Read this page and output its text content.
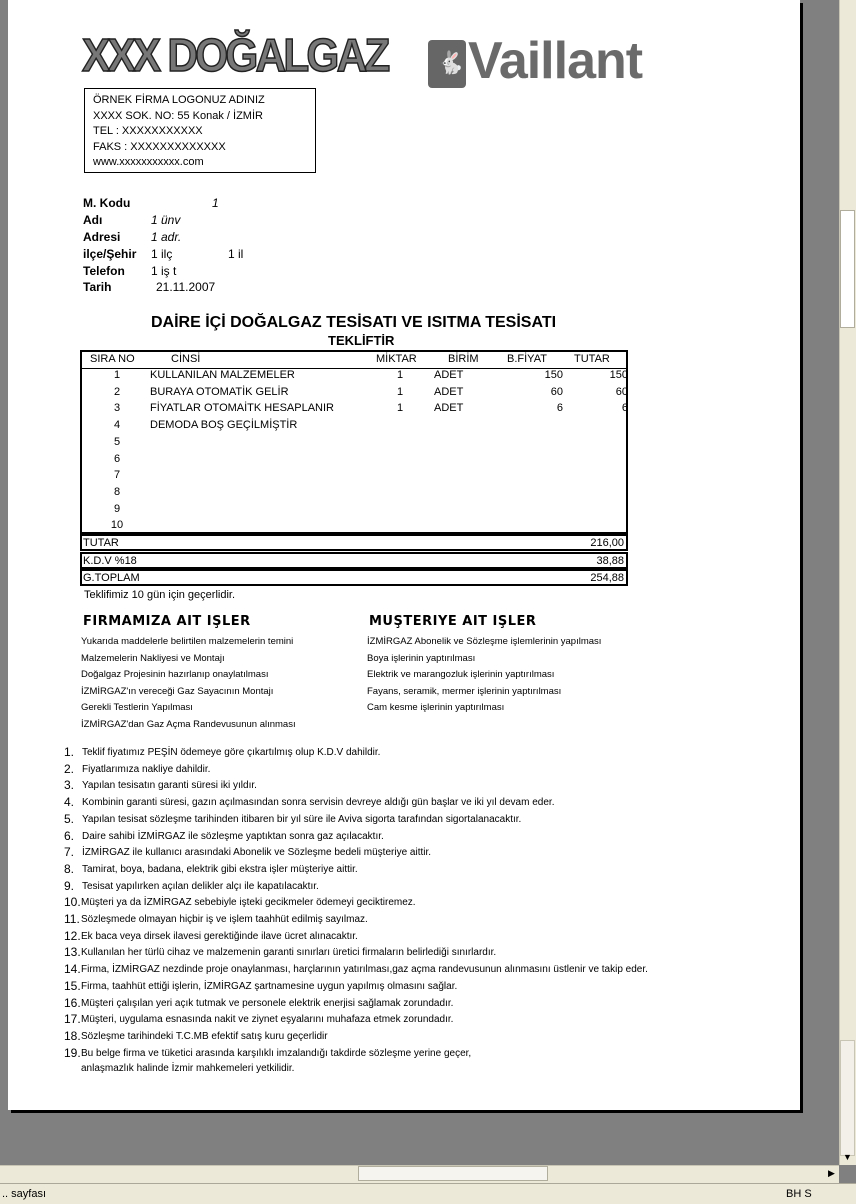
XXX DOĞALGAZ 🐇 Vaillant
ÖRNEK FİRMA LOGONUZ ADINIZ
XXXX SOK. NO: 55 Konak / İZMİR
TEL : XXXXXXXXXXX
FAKS : XXXXXXXXXXXXX
www.xxxxxxxxxxx.com
M. Kodu	1
Adı	1 ünv
Adresi	1 adr.
ilçe/Şehir 1 ilç	1 il
Telefon 1 iş t
Tarih	21.11.2007
DAİRE İÇİ DOĞALGAZ TESİSATI VE ISITMA TESİSATI
TEKLİFTİR
SIRA NO	CİNSİ	MİKTAR	BİRİM	B.FİYAT TUTAR
1	KULLANILAN MALZEMELER	1	ADET	150	150
2	BURAYA OTOMATİK GELİR	1	ADET	60	60
3	FİYATLAR OTOMAİTK HESAPLANIR	1	ADET	6	6
4	DEMODA BOŞ GEÇİLMİŞTİR
5
6
7
8
9
10
TUTAR	216,00
K.D.V %18	38,88
G.TOPLAM	254,88
Teklifimiz 10 gün için geçerlidir.
FIRMAMIZA AIT IŞLER	MUŞTERIYE AIT IŞLER
Yukarıda maddelerle belirtilen malzemelerin temini
Malzemelerin Nakliyesi ve Montajı
Doğalgaz Projesinin hazırlanıp onaylatılması
İZMİRGAZ'ın vereceği Gaz Sayacının Montajı
Gerekli Testlerin Yapılması
İZMİRGAZ'dan Gaz Açma Randevusunun alınması
İZMİRGAZ Abonelik ve Sözleşme işlemlerinin yapılması
Boya işlerinin yaptırılması
Elektrik ve marangozluk işlerinin yaptırılması
Fayans, seramik, mermer işlerinin yaptırılması
Cam kesme işlerinin yaptırılması
1. Teklif fiyatımız PEŞİN ödemeye göre çıkartılmış olup K.D.V dahildir.
2. Fiyatlarımıza nakliye dahildir.
3. Yapılan tesisatın garanti süresi iki yıldır.
4. Kombinin garanti süresi, gazın açılmasından sonra servisin devreye aldığı gün başlar ve iki yıl devam eder.
5. Yapılan tesisat sözleşme tarihinden itibaren bir yıl süre ile Aviva sigorta tarafından sigortalanacaktır.
6. Daire sahibi İZMİRGAZ ile sözleşme yaptıktan sonra gaz açılacaktır.
7. İZMİRGAZ ile kullanıcı arasındaki Abonelik ve Sözleşme bedeli müşteriye aittir.
8. Tamirat, boya, badana, elektrik gibi ekstra işler müşteriye aittir.
9. Tesisat yapılırken açılan delikler alçı ile kapatılacaktır.
10. Müşteri ya da İZMİRGAZ sebebiyle işteki gecikmeler ödemeyi geciktiremez.
11. Sözleşmede olmayan hiçbir iş ve işlem taahhüt edilmiş sayılmaz.
12. Ek baca veya dirsek ilavesi gerektiğinde ilave ücret alınacaktır.
13. Kullanılan her türlü cihaz ve malzemenin garanti sınırları üretici firmaların belirlediği sınırlardır.
14. Firma, İZMİRGAZ nezdinde proje onaylanması, harçlarının yatırılması,gaz açma randevusunun alınmasını üstlenir ve takip eder.
15. Firma, taahhüt ettiği işlerin, İZMİRGAZ şartnamesine uygun yapılmış olmasını sağlar.
16. Müşteri çalışılan yeri açık tutmak ve personele elektrik enerjisi sağlamak zorundadır.
17. Müşteri, uygulama esnasında nakit ve ziynet eşyalarını muhafaza etmek zorundadır.
18. Sözleşme tarihindeki T.C.MB efektif satış kuru geçerlidir
19. Bu belge firma ve tüketici arasında karşılıklı imzalandığı takdirde sözleşme yerine geçer,
anlaşmazlık halinde İzmir mahkemeleri yetkilidir.
▼
▶
.. sayfası	BH S
